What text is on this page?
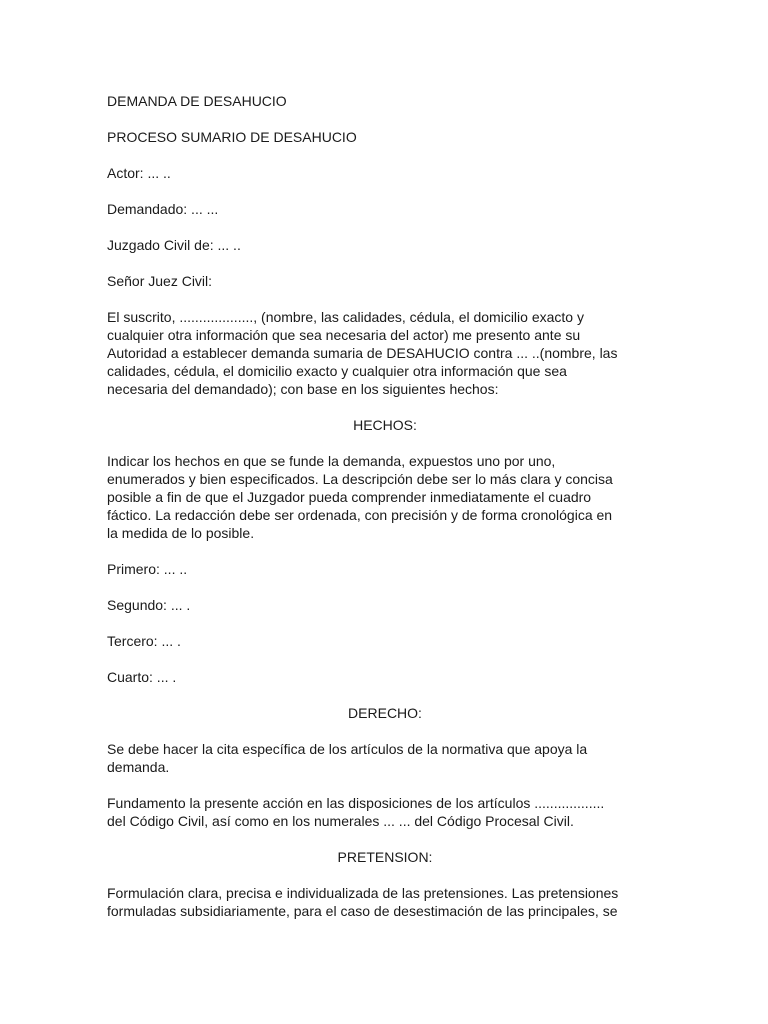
DEMANDA DE DESAHUCIO

PROCESO SUMARIO DE DESAHUCIO

Actor: ... ..

Demandado: ... ...

Juzgado Civil de: ... ..

Señor Juez Civil:

El suscrito, ..................., (nombre, las calidades, cédula, el domicilio exacto y
cualquier otra información que sea necesaria del actor) me presento ante su
Autoridad a establecer demanda sumaria de DESAHUCIO contra ... ..(nombre, las
calidades, cédula, el domicilio exacto y cualquier otra información que sea
necesaria del demandado); con base en los siguientes hechos:

HECHOS:

Indicar los hechos en que se funde la demanda, expuestos uno por uno,
enumerados y bien especificados. La descripción debe ser lo más clara y concisa
posible a fin de que el Juzgador pueda comprender inmediatamente el cuadro
fáctico. La redacción debe ser ordenada, con precisión y de forma cronológica en
la medida de lo posible.

Primero: ... ..

Segundo: ... .

Tercero: ... .

Cuarto: ... .

DERECHO:

Se debe hacer la cita específica de los artículos de la normativa que apoya la
demanda.

Fundamento la presente acción en las disposiciones de los artículos ..................
del Código Civil, así como en los numerales ... ... del Código Procesal Civil.

PRETENSION:

Formulación clara, precisa e individualizada de las pretensiones. Las pretensiones
formuladas subsidiariamente, para el caso de desestimación de las principales, se
